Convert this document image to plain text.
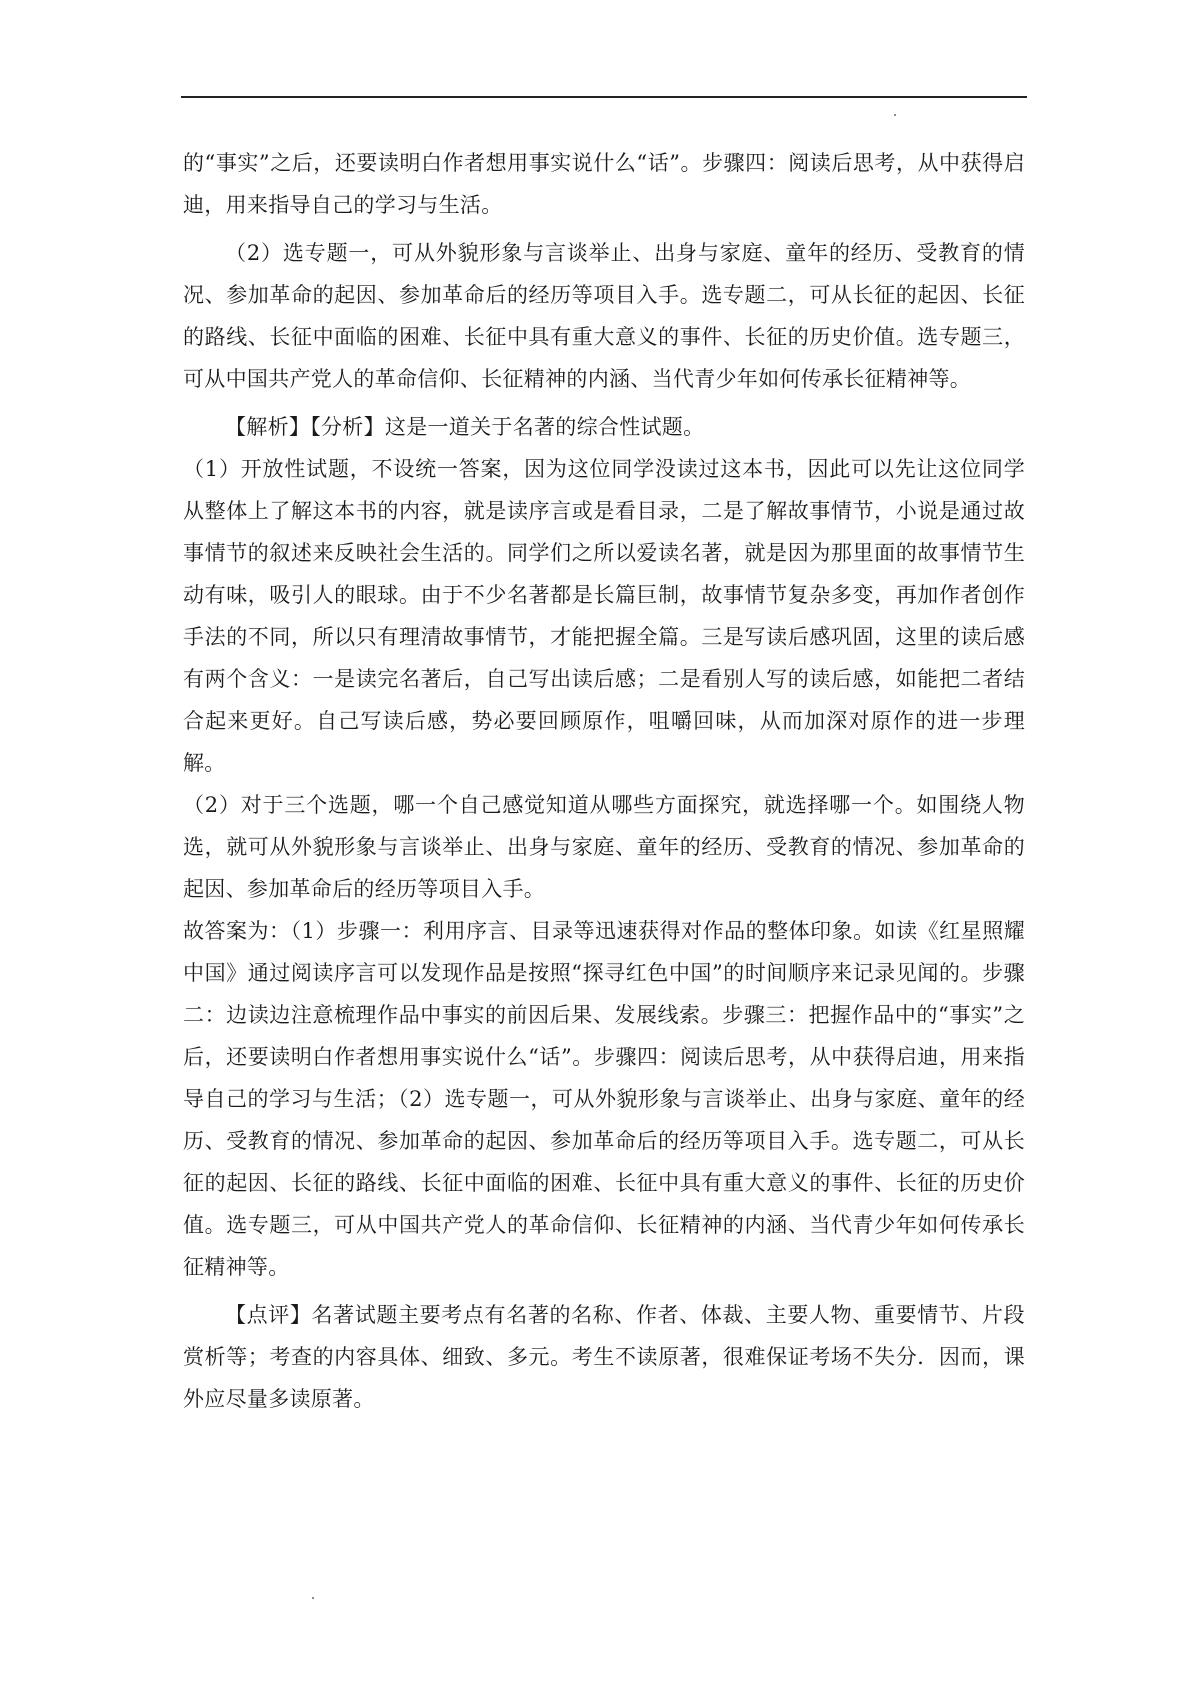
的“事实”之后，还要读明白作者想用事实说什么“话”。步骤四：阅读后思考，从中获得启迪，用来指导自己的学习与生活。

（2）选专题一，可从外貌形象与言谈举止、出身与家庭、童年的经历、受教育的情况、参加革命的起因、参加革命后的经历等项目入手。选专题二，可从长征的起因、长征的路线、长征中面临的困难、长征中具有重大意义的事件、长征的历史价值。选专题三，可从中国共产党人的革命信仰、长征精神的内涵、当代青少年如何传承长征精神等。

【解析】【分析】这是一道关于名著的综合性试题。

（1）开放性试题，不设统一答案，因为这位同学没读过这本书，因此可以先让这位同学从整体上了解这本书的内容，就是读序言或是看目录，二是了解故事情节，小说是通过故事情节的叙述来反映社会生活的。同学们之所以爱读名著，就是因为那里面的故事情节生动有味，吸引人的眼球。由于不少名著都是长篇巨制，故事情节复杂多变，再加作者创作手法的不同，所以只有理清故事情节，才能把握全篇。三是写读后感巩固，这里的读后感有两个含义：一是读完名著后，自己写出读后感；二是看别人写的读后感，如能把二者结合起来更好。自己写读后感，势必要回顾原作，咀嚼回味，从而加深对原作的进一步理解。

（2）对于三个选题，哪一个自己感觉知道从哪些方面探究，就选择哪一个。如围绕人物选，就可从外貌形象与言谈举止、出身与家庭、童年的经历、受教育的情况、参加革命的起因、参加革命后的经历等项目入手。

故答案为：（1）步骤一：利用序言、目录等迅速获得对作品的整体印象。如读《红星照耀中国》通过阅读序言可以发现作品是按照“探寻红色中国”的时间顺序来记录见闻的。步骤二：边读边注意梳理作品中事实的前因后果、发展线索。步骤三：把握作品中的“事实”之后，还要读明白作者想用事实说什么“话”。步骤四：阅读后思考，从中获得启迪，用来指导自己的学习与生活；（2）选专题一，可从外貌形象与言谈举止、出身与家庭、童年的经历、受教育的情况、参加革命的起因、参加革命后的经历等项目入手。选专题二，可从长征的起因、长征的路线、长征中面临的困难、长征中具有重大意义的事件、长征的历史价值。选专题三，可从中国共产党人的革命信仰、长征精神的内涵、当代青少年如何传承长征精神等。

【点评】名著试题主要考点有名著的名称、作者、体裁、主要人物、重要情节、片段赏析等；考查的内容具体、细致、多元。考生不读原著，很难保证考场不失分．因而，课外应尽量多读原著。
